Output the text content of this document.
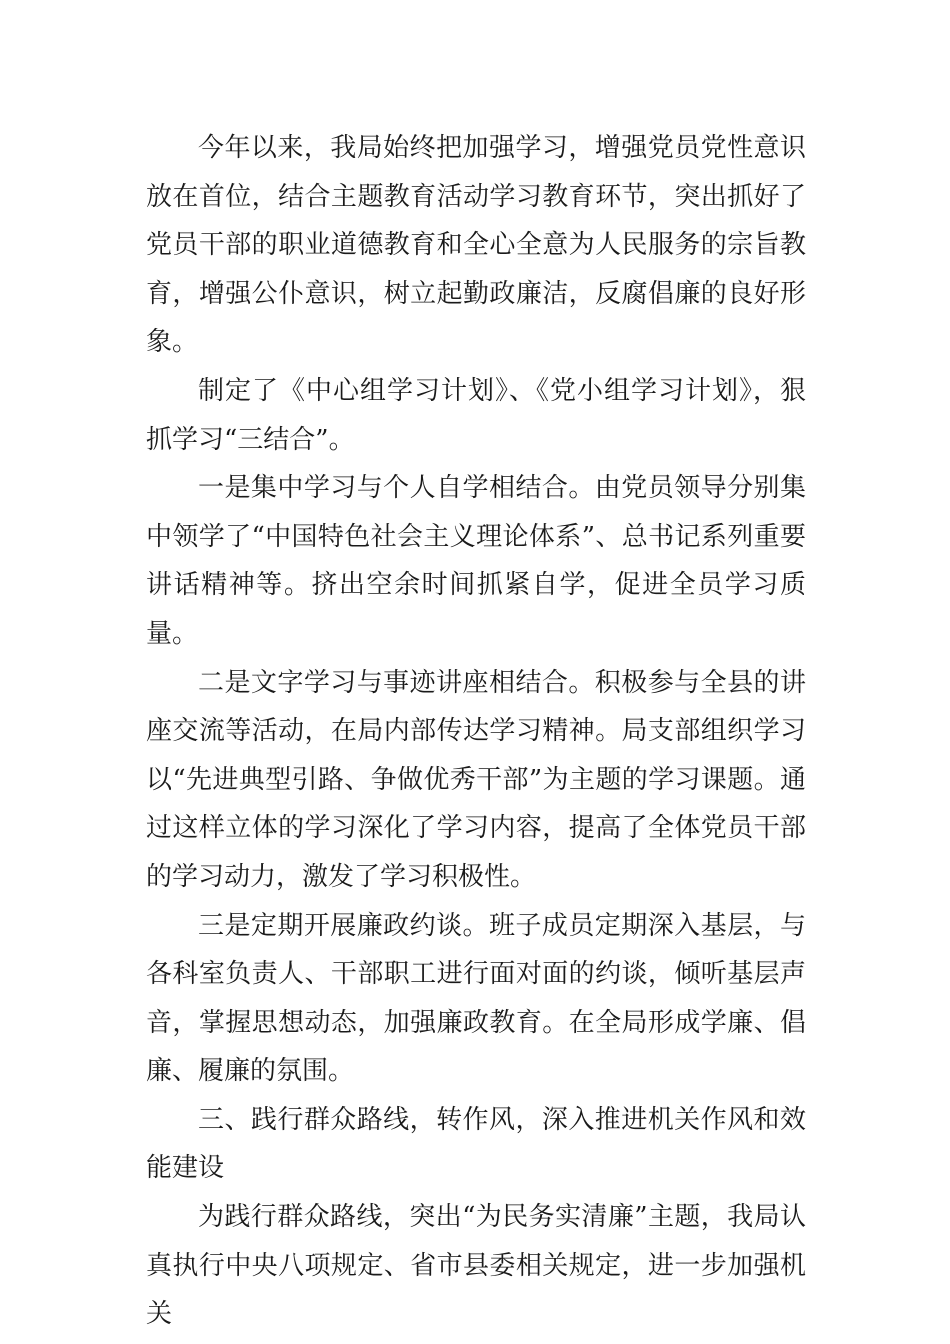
今年以来，我局始终把加强学习，增强党员党性意识放在首位，结合主题教育活动学习教育环节，突出抓好了党员干部的职业道德教育和全心全意为人民服务的宗旨教育，增强公仆意识，树立起勤政廉洁，反腐倡廉的良好形象。

制定了《中心组学习计划》、《党小组学习计划》，狠抓学习“三结合”。

一是集中学习与个人自学相结合。由党员领导分别集中领学了“中国特色社会主义理论体系”、总书记系列重要讲话精神等。挤出空余时间抓紧自学，促进全员学习质量。

二是文字学习与事迹讲座相结合。积极参与全县的讲座交流等活动，在局内部传达学习精神。局支部组织学习以“先进典型引路、争做优秀干部”为主题的学习课题。通过这样立体的学习深化了学习内容，提高了全体党员干部的学习动力，激发了学习积极性。

三是定期开展廉政约谈。班子成员定期深入基层，与各科室负责人、干部职工进行面对面的约谈，倾听基层声音，掌握思想动态，加强廉政教育。在全局形成学廉、倡廉、履廉的氛围。

三、践行群众路线，转作风，深入推进机关作风和效能建设

为践行群众路线，突出“为民务实清廉”主题，我局认真执行中央八项规定、省市县委相关规定，进一步加强机关
